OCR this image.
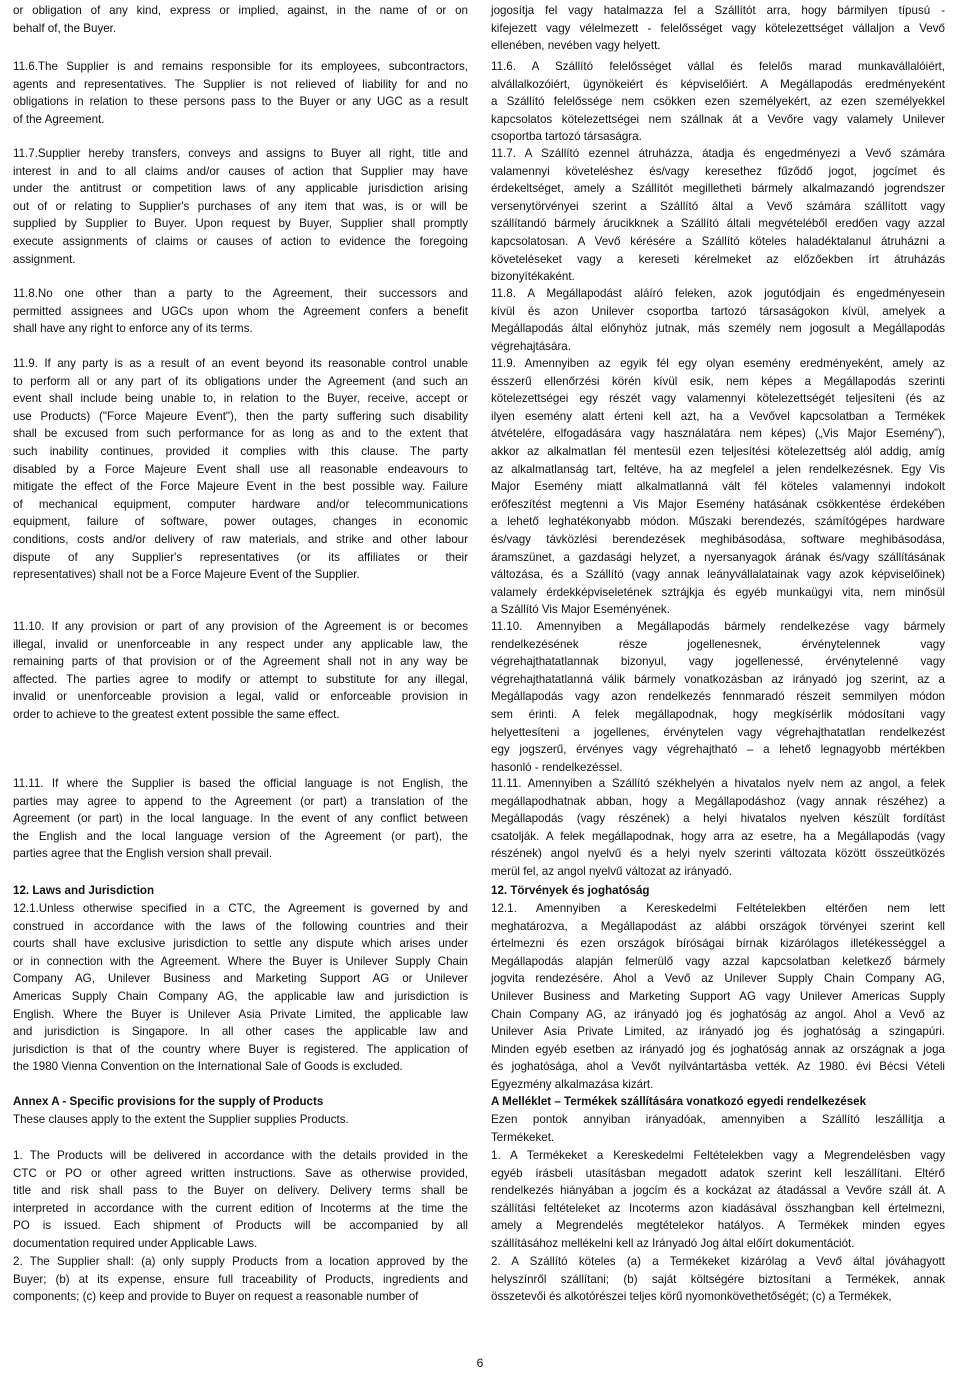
or obligation of any kind, express or implied, against, in the name of or on
behalf of, the Buyer.
jogosítja fel vagy hatalmazza fel a Szállítót arra, hogy bármilyen típusú -
kifejezett vagy vélelmezett - felelősséget vagy kötelezettséget vállaljon a Vevő
ellenében, nevében vagy helyett.
11.6.The Supplier is and remains responsible for its employees, subcontractors,
agents and representatives. The Supplier is not relieved of liability for and no
obligations in relation to these persons pass to the Buyer or any UGC as a result
of the Agreement.
11.6. A Szállító felelősséget vállal és felelős marad munkavállalóiért,
alvállalkozóiért, ügynökeiért és képviselőiért. A Megállapodás eredményeként
a Szállító felelőssége nem csökken ezen személyekért, az ezen személyekkel
kapcsolatos kötelezettségei nem szállnak át a Vevőre vagy valamely Unilever
csoportba tartozó társaságra.
11.7.Supplier hereby transfers, conveys and assigns to Buyer all right, title and
interest in and to all claims and/or causes of action that Supplier may have
under the antitrust or competition laws of any applicable jurisdiction arising
out of or relating to Supplier's purchases of any item that was, is or will be
supplied by Supplier to Buyer. Upon request by Buyer, Supplier shall promptly
execute assignments of claims or causes of action to evidence the foregoing
assignment.
11.7. A Szállító ezennel átruházza, átadja és engedményezi a Vevő számára
valamennyi követeléshez és/vagy keresethez fűződő jogot, jogcímet és
érdekeltséget, amely a Szállítót megilletheti bármely alkalmazandó jogrendszer
versenytörvényei szerint a Szállító által a Vevő számára szállított vagy
szállítandó bármely árucikknek a Szállító általi megvételéből eredően vagy azzal
kapcsolatosan. A Vevő kérésére a Szállító köteles haladéktalanul átruházni a
követeléseket vagy a kereseti kérelmeket az előzőekben írt átruházás
bizonyítékaként.
11.8.No one other than a party to the Agreement, their successors and
permitted assignees and UGCs upon whom the Agreement confers a benefit
shall have any right to enforce any of its terms.
11.8. A Megállapodást aláíró feleken, azok jogutódjain és engedményesein
kívül és azon Unilever csoportba tartozó társaságokon kívül, amelyek a
Megállapodás által előnyhöz jutnak, más személy nem jogosult a Megállapodás
végrehajtására.
11.9. If any party is as a result of an event beyond its reasonable control unable
to perform all or any part of its obligations under the Agreement (and such an
event shall include being unable to, in relation to the Buyer, receive, accept or
use Products) ("Force Majeure Event"), then the party suffering such disability
shall be excused from such performance for as long as and to the extent that
such inability continues, provided it complies with this clause. The party
disabled by a Force Majeure Event shall use all reasonable endeavours to
mitigate the effect of the Force Majeure Event in the best possible way. Failure
of mechanical equipment, computer hardware and/or telecommunications
equipment, failure of software, power outages, changes in economic
conditions, costs and/or delivery of raw materials, and strike and other labour
dispute of any Supplier's representatives (or its affiliates or their
representatives) shall not be a Force Majeure Event of the Supplier.
11.9. Amennyiben az egyik fél egy olyan esemény eredményeként, amely az
ésszerű ellenőrzési körén kívül esik, nem képes a Megállapodás szerinti
kötelezettségei egy részét vagy valamennyi kötelezettségét teljesíteni (és az
ilyen esemény alatt érteni kell azt, ha a Vevővel kapcsolatban a Termékek
átvételére, elfogadására vagy használatára nem képes) („Vis Major Esemény”),
akkor az alkalmatlan fél mentesül ezen teljesítési kötelezettség alól addig, amíg
az alkalmatlanság tart, feltéve, ha az megfelel a jelen rendelkezésnek. Egy Vis
Major Esemény miatt alkalmatlanná vált fél köteles valamennyi indokolt
erőfeszítést megtenni a Vis Major Esemény hatásának csökkentése érdekében
a lehető leghatékonyabb módon. Műszaki berendezés, számítógépes hardware
és/vagy távközlési berendezések meghibásodása, software meghibásodása,
áramszünet, a gazdasági helyzet, a nyersanyagok árának és/vagy szállításának
változása, és a Szállító (vagy annak leányvállalatainak vagy azok képviselőinek)
valamely érdekképviseletének sztrájkja és egyéb munkaügyi vita, nem minősül
a Szállító Vis Major Eseményének.
11.10. If any provision or part of any provision of the Agreement is or becomes
illegal, invalid or unenforceable in any respect under any applicable law, the
remaining parts of that provision or of the Agreement shall not in any way be
affected. The parties agree to modify or attempt to substitute for any illegal,
invalid or unenforceable provision a legal, valid or enforceable provision in
order to achieve to the greatest extent possible the same effect.
11.10. Amennyiben a Megállapodás bármely rendelkezése vagy bármely
rendelkezésének része jogellenesnek, érvénytelennek vagy
végrehajthatatlannak bizonyul, vagy jogellenessé, érvénytelenné vagy
végrehajthatatlanná válik bármely vonatkozásban az irányadó jog szerint, az a
Megállapodás vagy azon rendelkezés fennmaradó részeit semmilyen módon
sem érinti. A felek megállapodnak, hogy megkísérlik módosítani vagy
helyettesíteni a jogellenes, érvénytelen vagy végrehajthatatlan rendelkezést
egy jogszerű, érvényes vagy végrehajtható – a lehető legnagyobb mértékben
hasonló - rendelkezéssel.
11.11. If where the Supplier is based the official language is not English, the
parties may agree to append to the Agreement (or part) a translation of the
Agreement (or part) in the local language. In the event of any conflict between
the English and the local language version of the Agreement (or part), the
parties agree that the English version shall prevail.
11.11. Amennyiben a Szállító székhelyén a hivatalos nyelv nem az angol, a felek
megállapodhatnak abban, hogy a Megállapodáshoz (vagy annak részéhez) a
Megállapodás (vagy részének) a helyi hivatalos nyelven készült fordítást
csatolják. A felek megállapodnak, hogy arra az esetre, ha a Megállapodás (vagy
részének) angol nyelvű és a helyi nyelv szerinti változata között összeütközés
merül fel, az angol nyelvű változat az irányadó.
12. Laws and Jurisdiction	12. Törvények és joghatóság
12.1.Unless otherwise specified in a CTC, the Agreement is governed by and
construed in accordance with the laws of the following countries and their
courts shall have exclusive jurisdiction to settle any dispute which arises under
or in connection with the Agreement. Where the Buyer is Unilever Supply Chain
Company AG, Unilever Business and Marketing Support AG or Unilever
Americas Supply Chain Company AG, the applicable law and jurisdiction is
English. Where the Buyer is Unilever Asia Private Limited, the applicable law
and jurisdiction is Singapore. In all other cases the applicable law and
jurisdiction is that of the country where Buyer is registered. The application of
the 1980 Vienna Convention on the International Sale of Goods is excluded.
12.1. Amennyiben a Kereskedelmi Feltételekben eltérően nem lett
meghatározva, a Megállapodást az alábbi országok törvényei szerint kell
értelmezni és ezen országok bíróságai bírnak kizárólagos illetékességgel a
Megállapodás alapján felmerülő vagy azzal kapcsolatban keletkező bármely
jogvita rendezésére. Ahol a Vevő az Unilever Supply Chain Company AG,
Unilever Business and Marketing Support AG vagy Unilever Americas Supply
Chain Company AG, az irányadó jog és joghatóság az angol. Ahol a Vevő az
Unilever Asia Private Limited, az irányadó jog és joghatóság a szingapúri.
Minden egyéb esetben az irányadó jog és joghatóság annak az országnak a joga
és joghatósága, ahol a Vevőt nyilvántartásba vették. Az 1980. évi Bécsi Vételi
Egyezmény alkalmazása kizárt.
Annex A - Specific provisions for the supply of Products	A Melléklet – Termékek szállítására vonatkozó egyedi rendelkezések
These clauses apply to the extent the Supplier supplies Products.	Ezen pontok annyiban irányadóak, amennyiben a Szállító leszállítja a
Termékeket.
1. The Products will be delivered in accordance with the details provided in the
CTC or PO or other agreed written instructions. Save as otherwise provided,
title and risk shall pass to the Buyer on delivery. Delivery terms shall be
interpreted in accordance with the current edition of Incoterms at the time the
PO is issued. Each shipment of Products will be accompanied by all
documentation required under Applicable Laws.
1. A Termékeket a Kereskedelmi Feltételekben vagy a Megrendelésben vagy
egyéb írásbeli utasításban megadott adatok szerint kell leszállítani. Eltérő
rendelkezés hiányában a jogcím és a kockázat az átadással a Vevőre száll át. A
szállítási feltételeket az Incoterms azon kiadásával összhangban kell értelmezni,
amely a Megrendelés megtételekor hatályos. A Termékek minden egyes
szállításához mellékelni kell az Irányadó Jog által előírt dokumentációt.
2. The Supplier shall: (a) only supply Products from a location approved by the
Buyer; (b) at its expense, ensure full traceability of Products, ingredients and
components; (c) keep and provide to Buyer on request a reasonable number of
2. A Szállító köteles (a) a Termékeket kizárólag a Vevő által jóváhagyott
helyszínről szállítani; (b) saját költségére biztosítani a Termékek, annak
összetevői és alkotórészei teljes körű nyomonkövethetőségét; (c) a Termékek,
6
